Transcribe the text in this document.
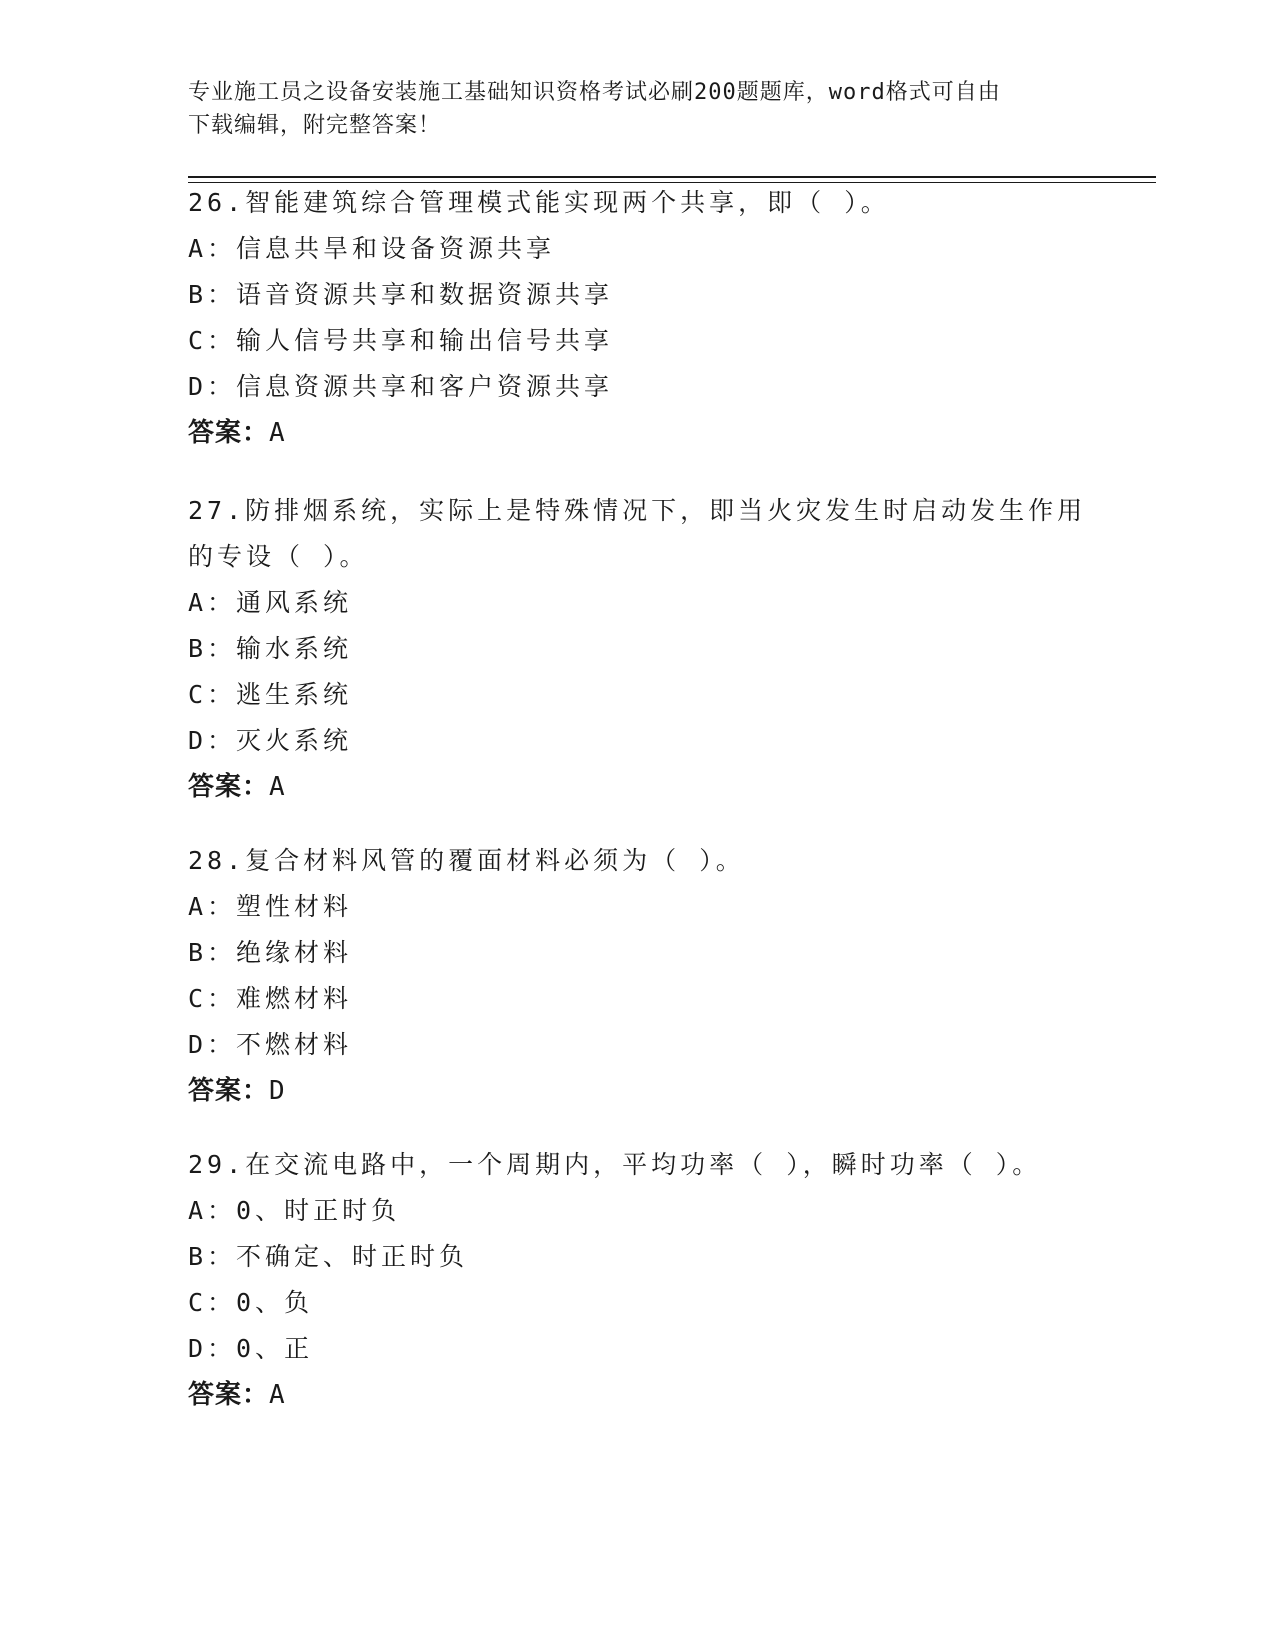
专业施工员之设备安装施工基础知识资格考试必刷200题题库，word格式可自由
下载编辑，附完整答案！
26.智能建筑综合管理模式能实现两个共享，即（ ）。
A：信息共旱和设备资源共享
B：语音资源共享和数据资源共享
C：输人信号共享和输出信号共享
D：信息资源共享和客户资源共享
答案：A
27.防排烟系统，实际上是特殊情况下，即当火灾发生时启动发生作用
的专设（ ）。
A：通风系统
B：输水系统
C：逃生系统
D：灭火系统
答案：A
28.复合材料风管的覆面材料必须为（ ）。
A：塑性材料
B：绝缘材料
C：难燃材料
D：不燃材料
答案：D
29.在交流电路中，一个周期内，平均功率（ ），瞬时功率（ ）。
A：0、时正时负
B：不确定、时正时负
C：0、负
D：0、正
答案：A
